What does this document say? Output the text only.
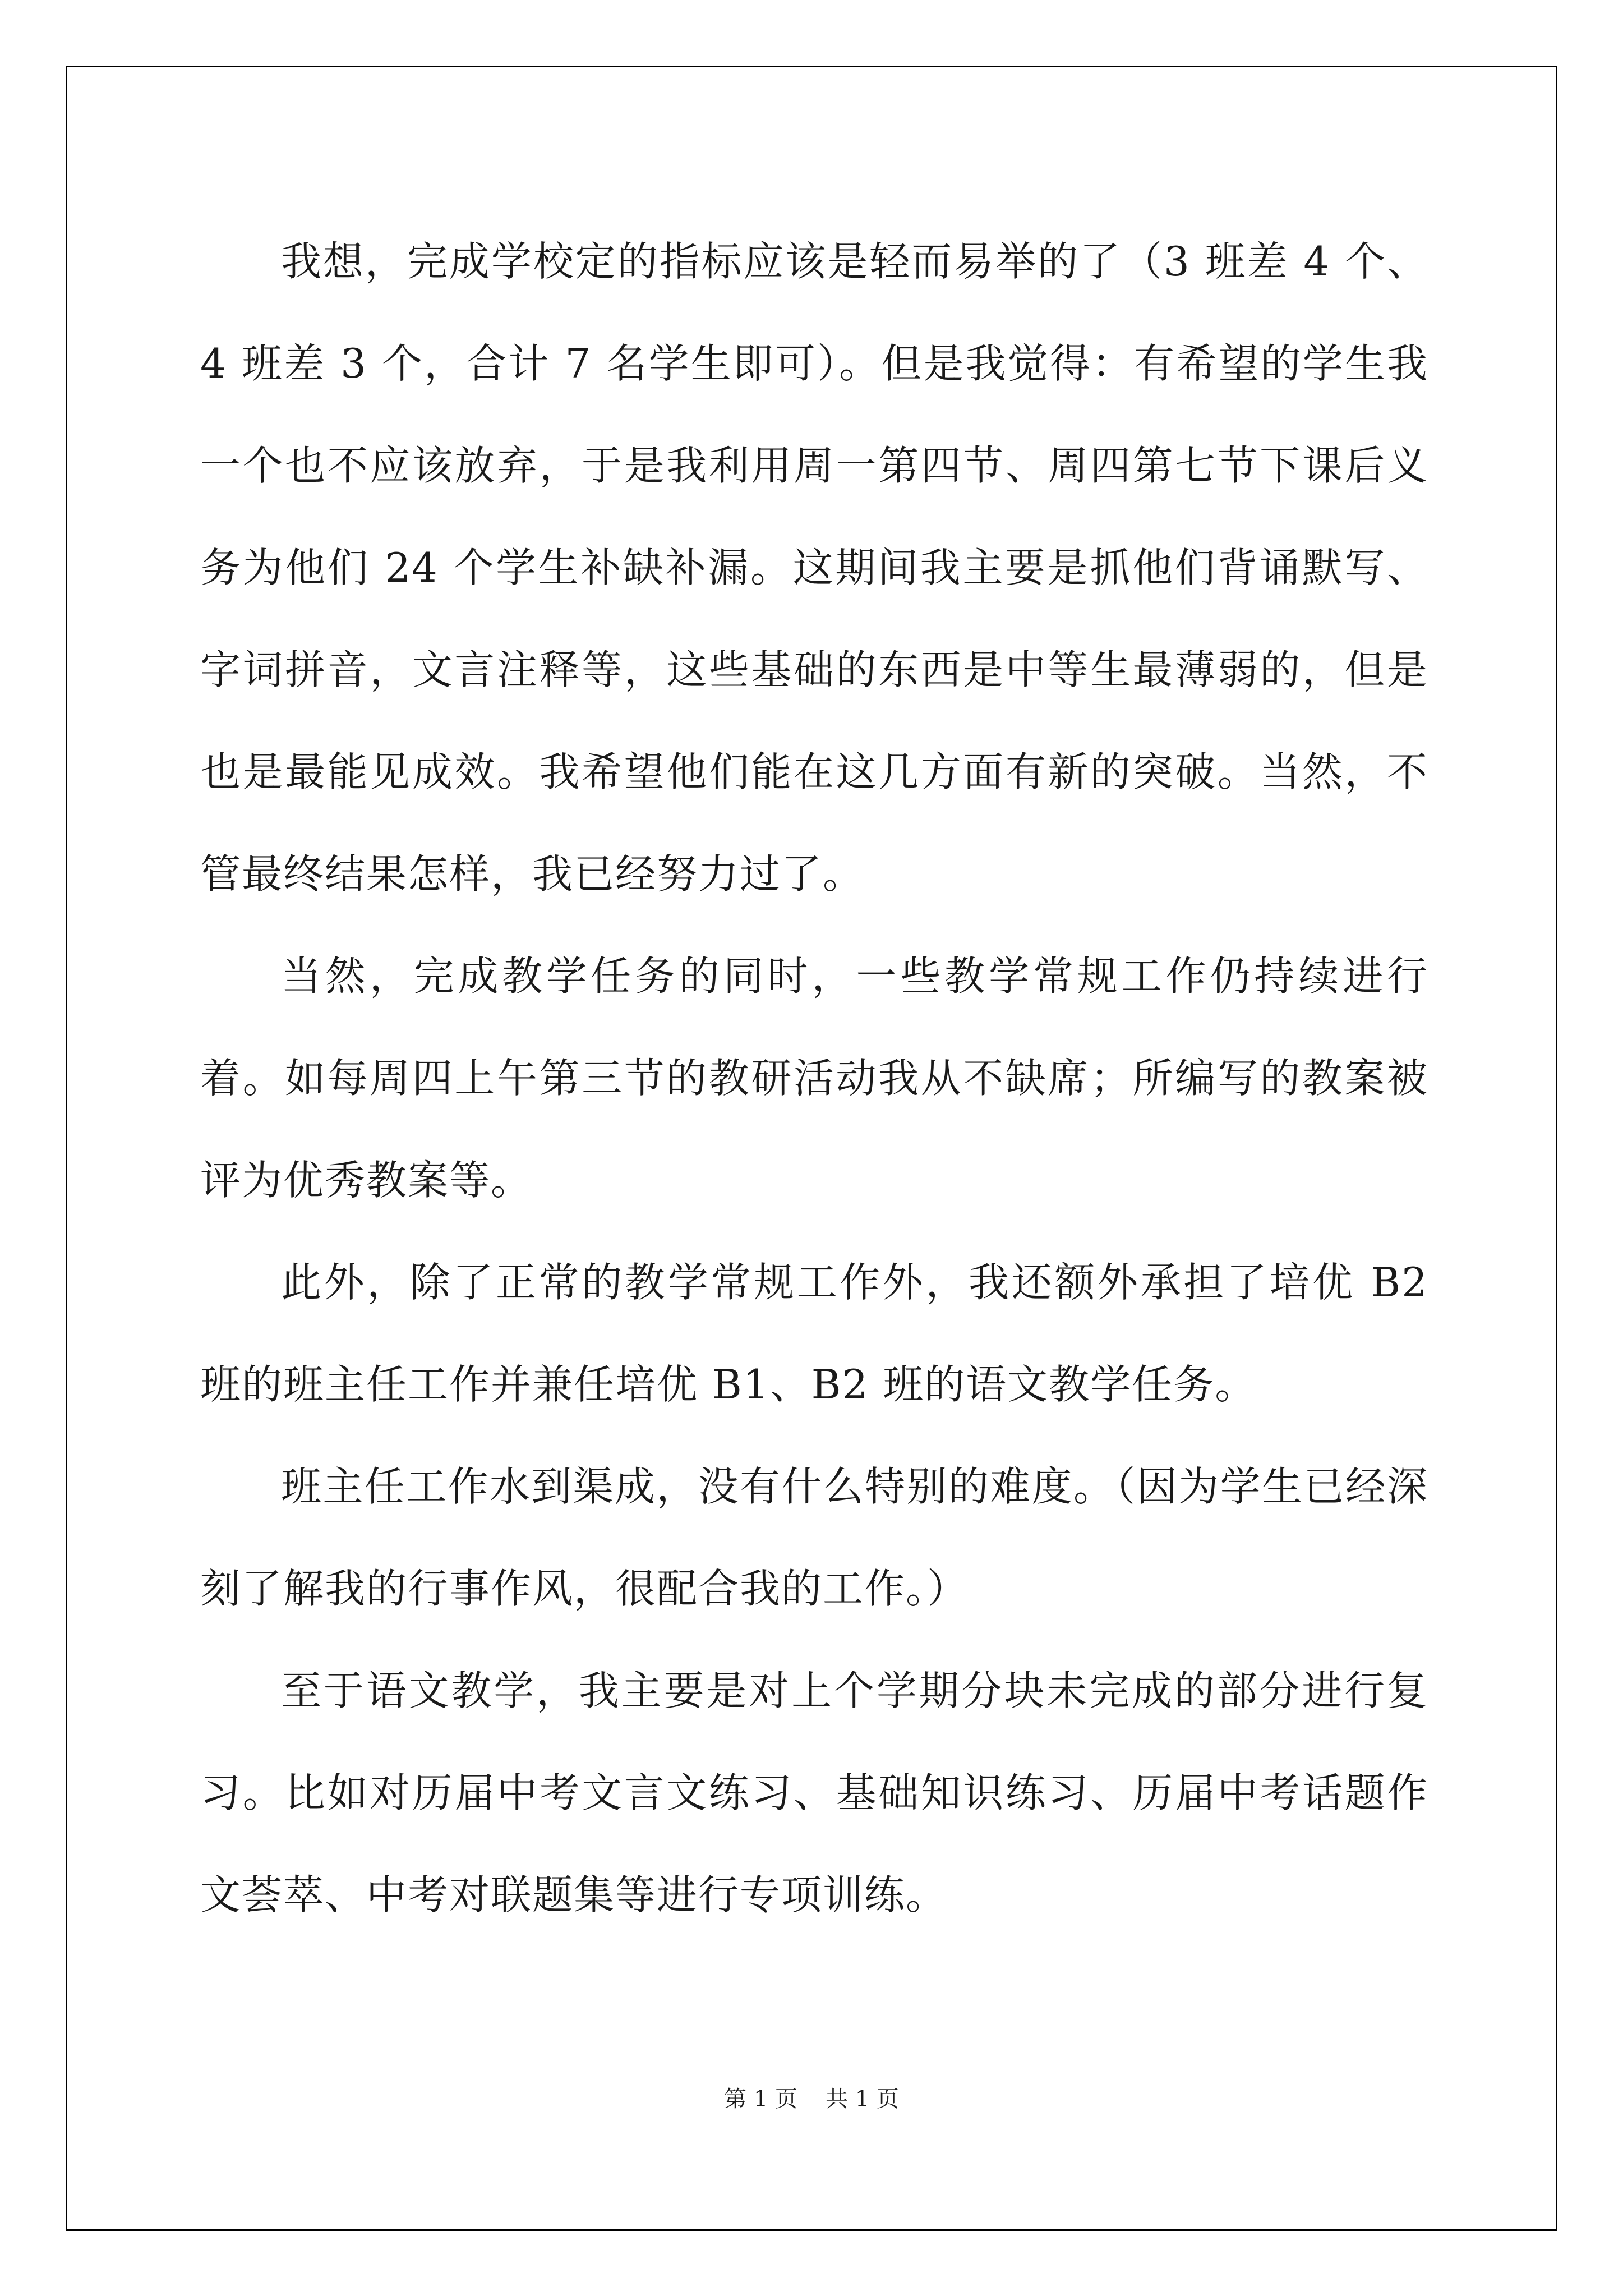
我想，完成学校定的指标应该是轻而易举的了（3 班差 4 个、4 班差 3 个，合计 7 名学生即可）。但是我觉得：有希望的学生我一个也不应该放弃，于是我利用周一第四节、周四第七节下课后义务为他们 24 个学生补缺补漏。这期间我主要是抓他们背诵默写、字词拼音，文言注释等，这些基础的东西是中等生最薄弱的，但是也是最能见成效。我希望他们能在这几方面有新的突破。当然，不管最终结果怎样，我已经努力过了。

当然，完成教学任务的同时，一些教学常规工作仍持续进行着。如每周四上午第三节的教研活动我从不缺席；所编写的教案被评为优秀教案等。

此外，除了正常的教学常规工作外，我还额外承担了培优 B2 班的班主任工作并兼任培优 B1、B2 班的语文教学任务。

班主任工作水到渠成，没有什么特别的难度。（因为学生已经深刻了解我的行事作风，很配合我的工作。）

至于语文教学，我主要是对上个学期分块未完成的部分进行复习。比如对历届中考文言文练习、基础知识练习、历届中考话题作文荟萃、中考对联题集等进行专项训练。

第 1 页 共 1 页
